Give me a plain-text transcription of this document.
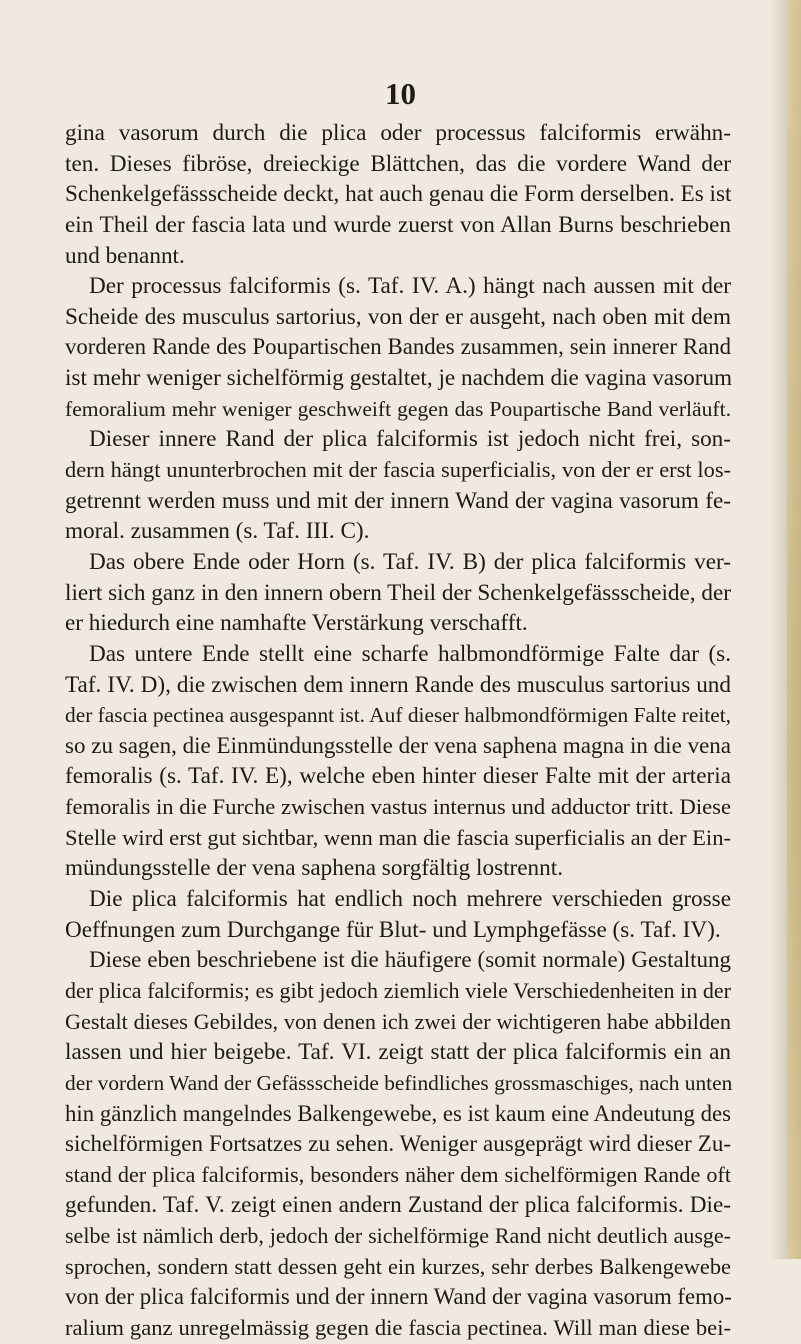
10
gina vasorum durch die plica oder processus falciformis erwähn-
ten. Dieses fibröse, dreieckige Blättchen, das die vordere Wand der
Schenkelgefässscheide deckt, hat auch genau die Form derselben. Es ist
ein Theil der fascia lata und wurde zuerst von Allan Burns beschrieben
und benannt.
Der processus falciformis (s. Taf. IV. A.) hängt nach aussen mit der
Scheide des musculus sartorius, von der er ausgeht, nach oben mit dem
vorderen Rande des Poupartischen Bandes zusammen, sein innerer Rand
ist mehr weniger sichelförmig gestaltet, je nachdem die vagina vasorum
femoralium mehr weniger geschweift gegen das Poupartische Band verläuft.
Dieser innere Rand der plica falciformis ist jedoch nicht frei, son-
dern hängt ununterbrochen mit der fascia superficialis, von der er erst los-
getrennt werden muss und mit der innern Wand der vagina vasorum fe-
moral. zusammen (s. Taf. III. C).
Das obere Ende oder Horn (s. Taf. IV. B) der plica falciformis ver-
liert sich ganz in den innern obern Theil der Schenkelgefässscheide, der
er hiedurch eine namhafte Verstärkung verschafft.
Das untere Ende stellt eine scharfe halbmondförmige Falte dar (s.
Taf. IV. D), die zwischen dem innern Rande des musculus sartorius und
der fascia pectinea ausgespannt ist. Auf dieser halbmondförmigen Falte reitet,
so zu sagen, die Einmündungsstelle der vena saphena magna in die vena
femoralis (s. Taf. IV. E), welche eben hinter dieser Falte mit der arteria
femoralis in die Furche zwischen vastus internus und adductor tritt. Diese
Stelle wird erst gut sichtbar, wenn man die fascia superficialis an der Ein-
mündungsstelle der vena saphena sorgfältig lostrennt.
Die plica falciformis hat endlich noch mehrere verschieden grosse
Oeffnungen zum Durchgange für Blut- und Lymphgefässe (s. Taf. IV).
Diese eben beschriebene ist die häufigere (somit normale) Gestaltung
der plica falciformis; es gibt jedoch ziemlich viele Verschiedenheiten in der
Gestalt dieses Gebildes, von denen ich zwei der wichtigeren habe abbilden
lassen und hier beigebe. Taf. VI. zeigt statt der plica falciformis ein an
der vordern Wand der Gefässscheide befindliches grossmaschiges, nach unten
hin gänzlich mangelndes Balkengewebe, es ist kaum eine Andeutung des
sichelförmigen Fortsatzes zu sehen. Weniger ausgeprägt wird dieser Zu-
stand der plica falciformis, besonders näher dem sichelförmigen Rande oft
gefunden. Taf. V. zeigt einen andern Zustand der plica falciformis. Die-
selbe ist nämlich derb, jedoch der sichelförmige Rand nicht deutlich ausge-
sprochen, sondern statt dessen geht ein kurzes, sehr derbes Balkengewebe
von der plica falciformis und der innern Wand der vagina vasorum femo-
ralium ganz unregelmässig gegen die fascia pectinea. Will man diese bei-
